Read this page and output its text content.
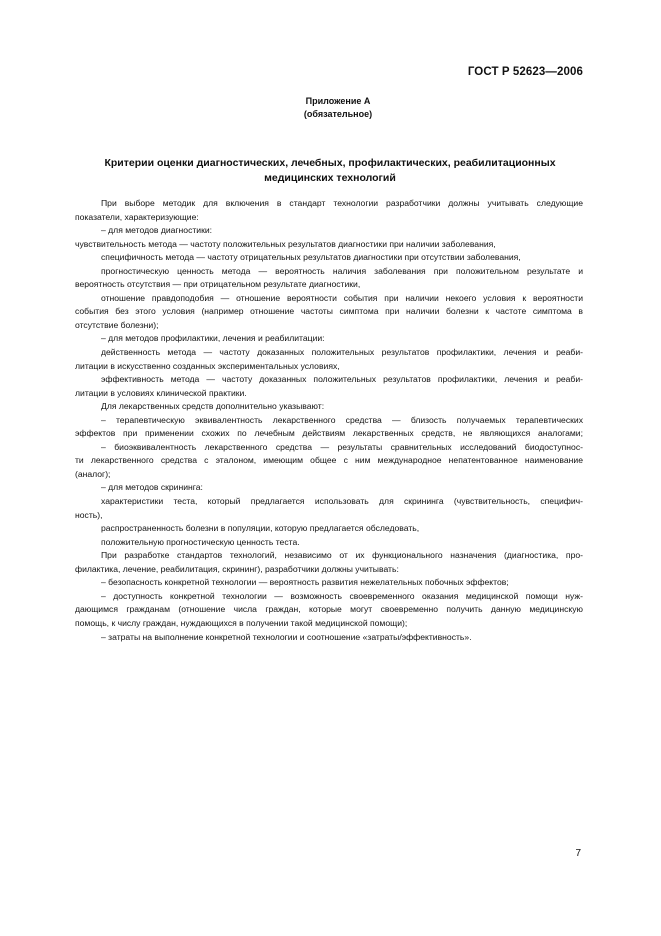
ГОСТ Р 52623—2006
Приложение А
(обязательное)
Критерии оценки диагностических, лечебных, профилактических, реабилитационных
медицинских технологий
При выборе методик для включения в стандарт технологии разработчики должны учитывать следующие
показатели, характеризующие:
– для методов диагностики:
чувствительность метода — частоту положительных результатов диагностики при наличии заболевания,
специфичность метода — частоту отрицательных результатов диагностики при отсутствии заболевания,
прогностическую ценность метода — вероятность наличия заболевания при положительном результате и
вероятность отсутствия — при отрицательном результате диагностики,
отношение правдоподобия — отношение вероятности события при наличии некоего условия к вероятности
события без этого условия (например отношение частоты симптома при наличии болезни к частоте симптома в
отсутствие болезни);
– для методов профилактики, лечения и реабилитации:
действенность метода — частоту доказанных положительных результатов профилактики, лечения и реаби-
литации в искусственно созданных экспериментальных условиях,
эффективность метода — частоту доказанных положительных результатов профилактики, лечения и реаби-
литации в условиях клинической практики.
Для лекарственных средств дополнительно указывают:
– терапевтическую эквивалентность лекарственного средства — близость получаемых терапевтических
эффектов при применении схожих по лечебным действиям лекарственных средств, не являющихся аналогами;
– биоэквивалентность лекарственного средства — результаты сравнительных исследований биодоступнос-
ти лекарственного средства с эталоном, имеющим общее с ним международное непатентованное наименование
(аналог);
– для методов скрининга:
характеристики теста, который предлагается использовать для скрининга (чувствительность, специфич-
ность),
распространенность болезни в популяции, которую предлагается обследовать,
положительную прогностическую ценность теста.
При разработке стандартов технологий, независимо от их функционального назначения (диагностика, про-
филактика, лечение, реабилитация, скрининг), разработчики должны учитывать:
– безопасность конкретной технологии — вероятность развития нежелательных побочных эффектов;
– доступность конкретной технологии — возможность своевременного оказания медицинской помощи нуж-
дающимся гражданам (отношение числа граждан, которые могут своевременно получить данную медицинскую
помощь, к числу граждан, нуждающихся в получении такой медицинской помощи);
– затраты на выполнение конкретной технологии и соотношение «затраты/эффективность».
7
